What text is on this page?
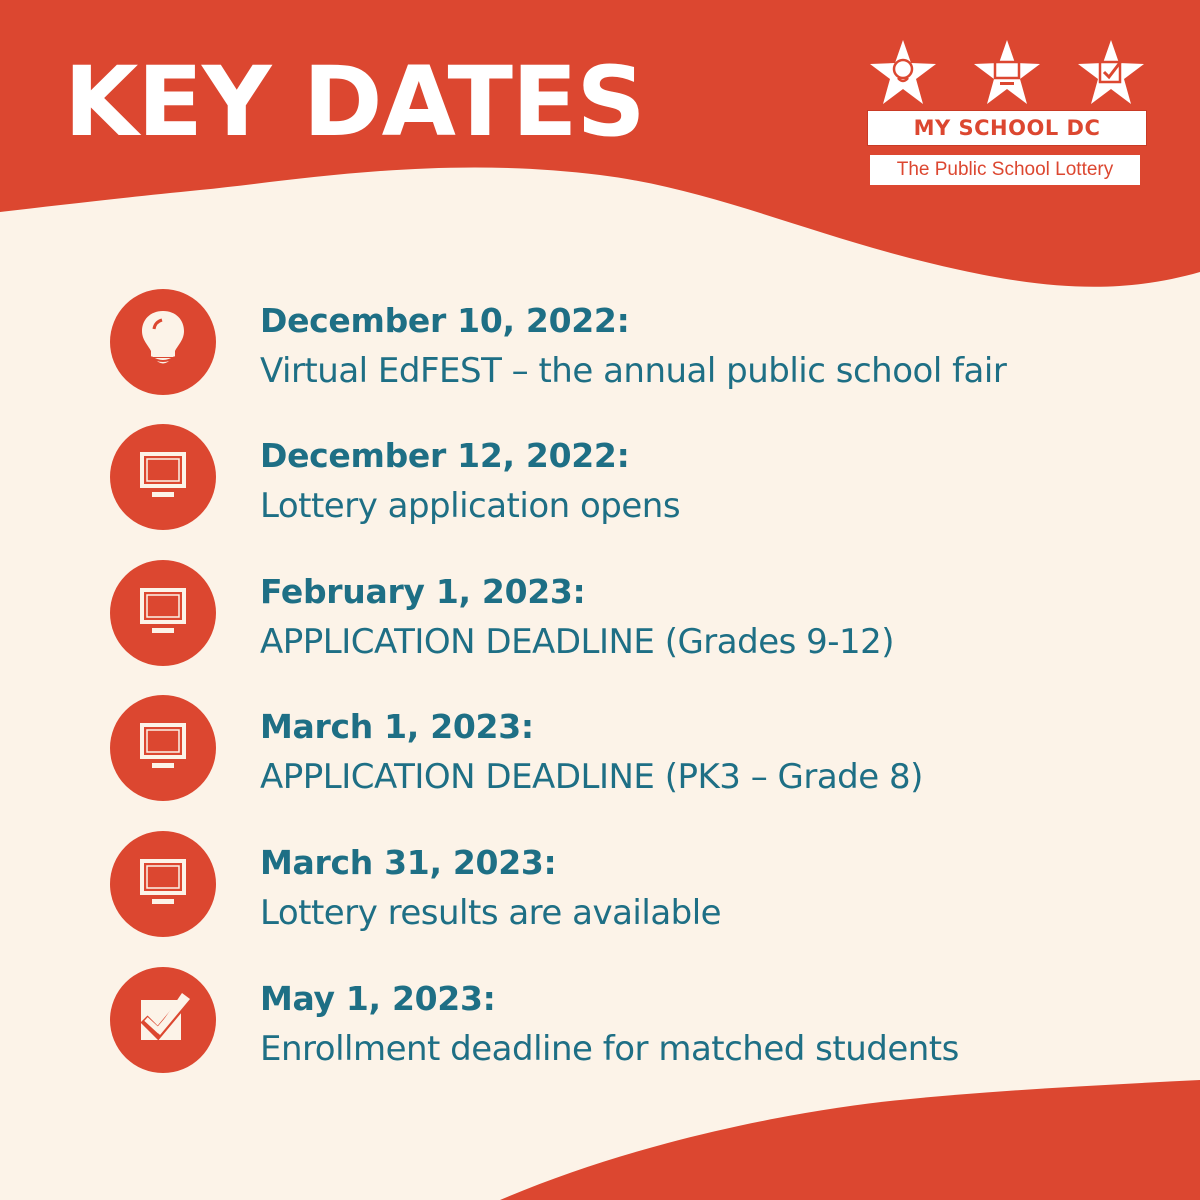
KEY DATES	MY SCHOOL DC
The Public School Lottery

December 10, 2022:

Virtual EdFEST – the annual public school fair

December 12, 2022:

Lottery application opens

February 1, 2023:

APPLICATION DEADLINE (Grades 9-12)

March 1, 2023:

APPLICATION DEADLINE (PK3 – Grade 8)

March 31, 2023:

Lottery results are available

May 1, 2023:

Enrollment deadline for matched students
